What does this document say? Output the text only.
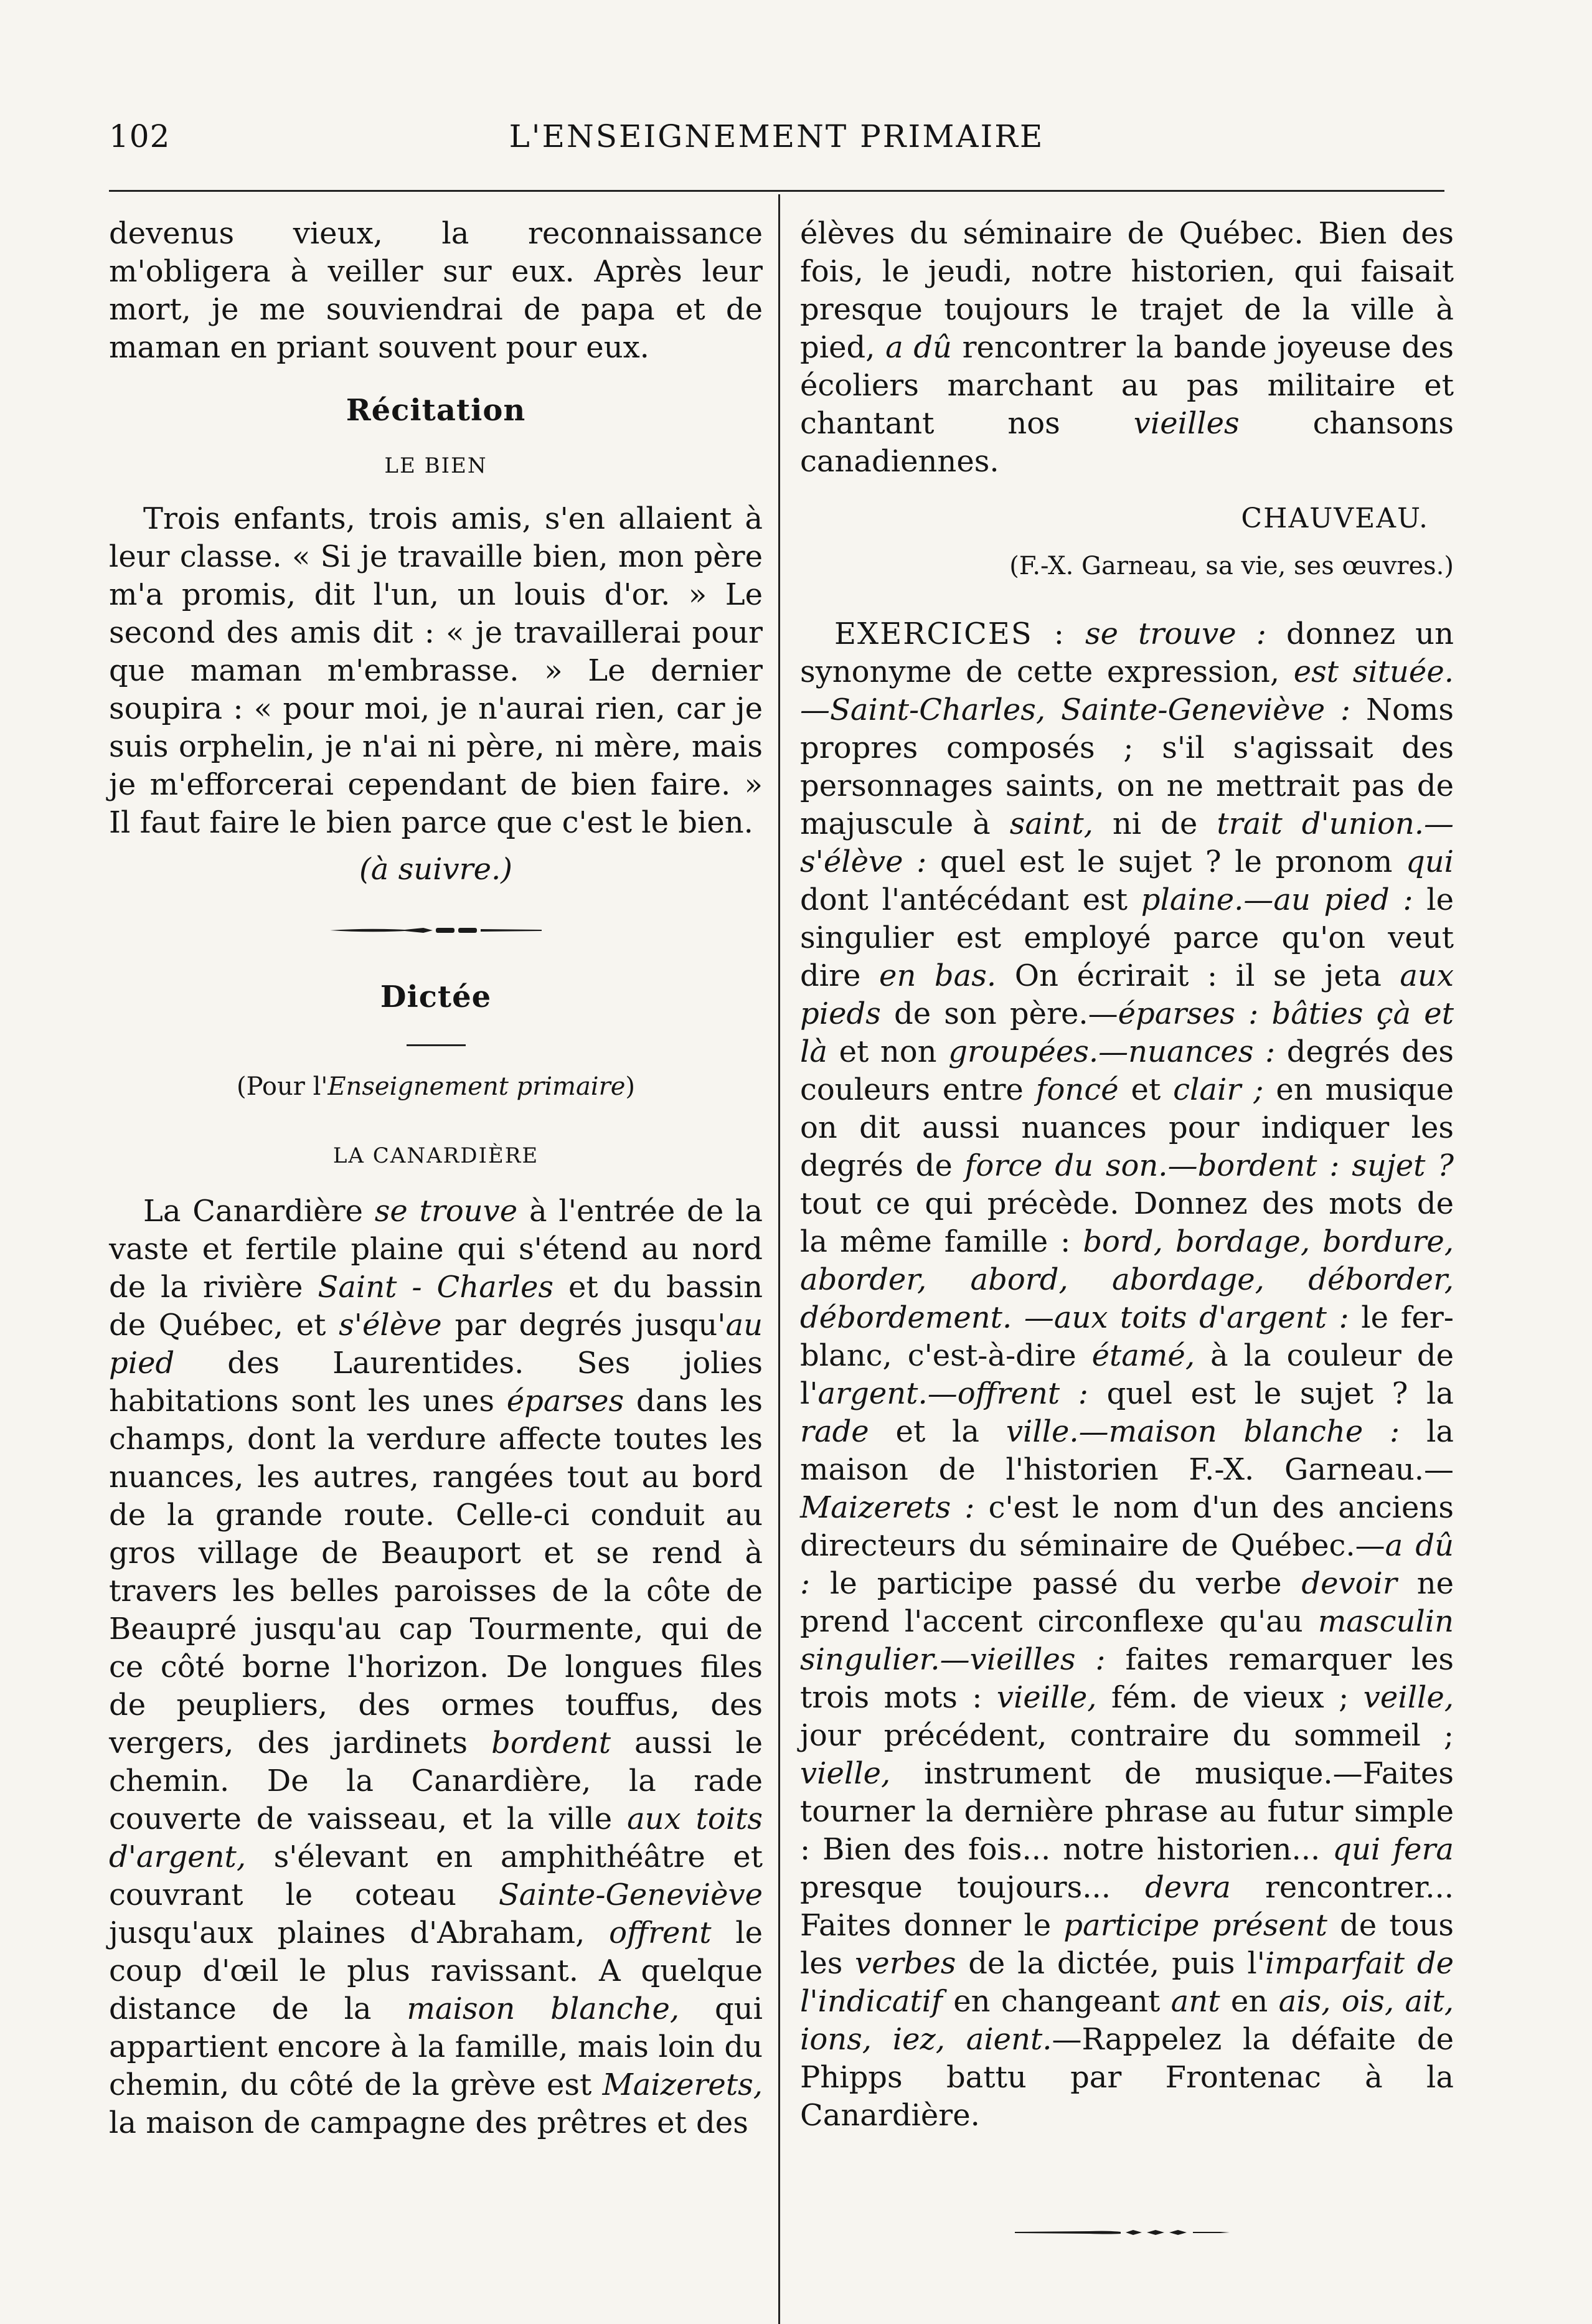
102	L'ENSEIGNEMENT PRIMAIRE

devenus vieux, la reconnaissance m'obligera à veiller sur eux. Après leur mort, je me souviendrai de papa et de maman en priant souvent pour eux.

Récitation

LE BIEN

Trois enfants, trois amis, s'en allaient à leur classe. « Si je travaille bien, mon père m'a promis, dit l'un, un louis d'or. » Le second des amis dit : « je travaillerai pour que maman m'embrasse. » Le dernier soupira : « pour moi, je n'aurai rien, car je suis orphelin, je n'ai ni père, ni mère, mais je m'efforcerai cependant de bien faire. » Il faut faire le bien parce que c'est le bien.

(à suivre.)

Dictée

(Pour l'Enseignement primaire)

LA CANARDIÈRE

La Canardière se trouve à l'entrée de la vaste et fertile plaine qui s'étend au nord de la rivière Saint - Charles et du bassin de Québec, et s'élève par degrés jusqu'au pied des Laurentides. Ses jolies habitations sont les unes éparses dans les champs, dont la verdure affecte toutes les nuances, les autres, rangées tout au bord de la grande route. Celle-ci conduit au gros village de Beauport et se rend à travers les belles paroisses de la côte de Beaupré jusqu'au cap Tourmente, qui de ce côté borne l'horizon. De longues files de peupliers, des ormes touffus, des vergers, des jardinets bordent aussi le chemin. De la Canardière, la rade couverte de vaisseau, et la ville aux toits d'argent, s'élevant en amphithéâtre et couvrant le coteau Sainte-Geneviève jusqu'aux plaines d'Abraham, offrent le coup d'œil le plus ravissant. A quelque distance de la maison blanche, qui appartient encore à la famille, mais loin du chemin, du côté de la grève est Maizerets, la maison de campagne des prêtres et des

élèves du séminaire de Québec. Bien des fois, le jeudi, notre historien, qui faisait presque toujours le trajet de la ville à pied, a dû rencontrer la bande joyeuse des écoliers marchant au pas militaire et chantant nos vieilles chansons canadiennes.

CHAUVEAU.

(F.-X. Garneau, sa vie, ses œuvres.)

EXERCICES : se trouve : donnez un synonyme de cette expression, est située.—Saint-Charles, Sainte-Geneviève : Noms propres composés ; s'il s'agissait des personnages saints, on ne mettrait pas de majuscule à saint, ni de trait d'union.—s'élève : quel est le sujet ? le pronom qui dont l'antécédant est plaine.—au pied : le singulier est employé parce qu'on veut dire en bas. On écrirait : il se jeta aux pieds de son père.—éparses : bâties çà et là et non groupées.—nuances : degrés des couleurs entre foncé et clair ; en musique on dit aussi nuances pour indiquer les degrés de force du son.—bordent : sujet ? tout ce qui précède. Donnez des mots de la même famille : bord, bordage, bordure, aborder, abord, abordage, déborder, débordement. —aux toits d'argent : le fer-blanc, c'est-à-dire étamé, à la couleur de l'argent.—offrent : quel est le sujet ? la rade et la ville.—maison blanche : la maison de l'historien F.-X. Garneau.—Maizerets : c'est le nom d'un des anciens directeurs du séminaire de Québec.—a dû : le participe passé du verbe devoir ne prend l'accent circonflexe qu'au masculin singulier.—vieilles : faites remarquer les trois mots : vieille, fém. de vieux ; veille, jour précédent, contraire du sommeil ; vielle, instrument de musique.—Faites tourner la dernière phrase au futur simple : Bien des fois... notre historien... qui fera presque toujours... devra rencontrer... Faites donner le participe présent de tous les verbes de la dictée, puis l'imparfait de l'indicatif en changeant ant en ais, ois, ait, ions, iez, aient.—Rappelez la défaite de Phipps battu par Frontenac à la Canardière.
